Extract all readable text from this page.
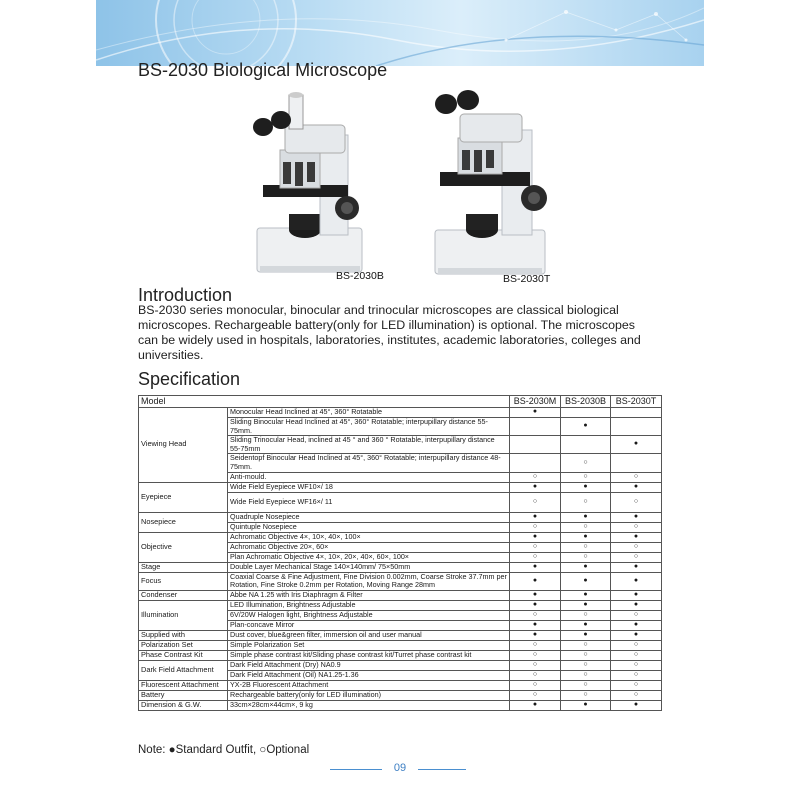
BS-2030 Biological Microscope
BS-2030B	BS-2030T
Introduction
BS-2030 series monocular, binocular and trinocular microscopes are classical biological microscopes. Rechargeable battery(only for LED illumination) is optional. The microscopes can be widely used in hospitals, laboratories, institutes, academic laboratories, colleges and universities.
Specification
Model		BS-2030M	BS-2030B	BS-2030T
Viewing Head	Monocular Head Inclined at 45°, 360° Rotatable	●		
	Sliding Binocular Head Inclined at 45°, 360° Rotatable; interpupillary distance 55-75mm.		●	
	Sliding Trinocular Head, inclined at 45 ° and 360 ° Rotatable, interpupillary distance 55-75mm			●
	Seidentopf Binocular Head Inclined at 45°, 360° Rotatable; interpupillary distance 48-75mm.		○	
	Anti-mould.	○	○	○
Eyepiece	Wide Field Eyepiece WF10×/ 18	●	●	●
	Wide Field Eyepiece WF16×/ 11	○	○	○
Nosepiece	Quadruple Nosepiece	●	●	●
	Quintuple Nosepiece	○	○	○
Objective	Achromatic Objective 4×, 10×, 40×, 100×	●	●	●
	Achromatic Objective 20×, 60×	○	○	○
	Plan Achromatic Objective 4×, 10×, 20×, 40×, 60×, 100×	○	○	○
Stage	Double Layer Mechanical Stage 140×140mm/ 75×50mm	●	●	●
Focus	Coaxial Coarse & Fine Adjustment, Fine Division 0.002mm, Coarse Stroke 37.7mm per Rotation, Fine Stroke 0.2mm per Rotation, Moving Range 28mm	●	●	●
Condenser	Abbe NA 1.25 with Iris Diaphragm & Filter	●	●	●
Illumination	LED Illumination, Brightness Adjustable	●	●	●
	6V/20W Halogen light, Brightness Adjustable	○	○	○
	Plan-concave Mirror	●	●	●
Supplied with	Dust cover, blue&green filter, immersion oil and user manual	●	●	●
Polarization Set	Simple Polarization Set	○	○	○
Phase Contrast Kit	Simple phase contrast kit/Sliding phase contrast kit/Turret phase contrast kit	○	○	○
Dark Field Attachment	Dark Field Attachment (Dry) NA0.9	○	○	○
	Dark Field Attachment (Oil) NA1.25-1.36	○	○	○
Fluorescent Attachment	YX-2B Fluorescent Attachment	○	○	○
Battery	Rechargeable battery(only for LED illumination)	○	○	○
Dimension & G.W.	33cm×28cm×44cm×, 9 kg	●	●	●
Note: ●Standard Outfit, ○Optional
09
